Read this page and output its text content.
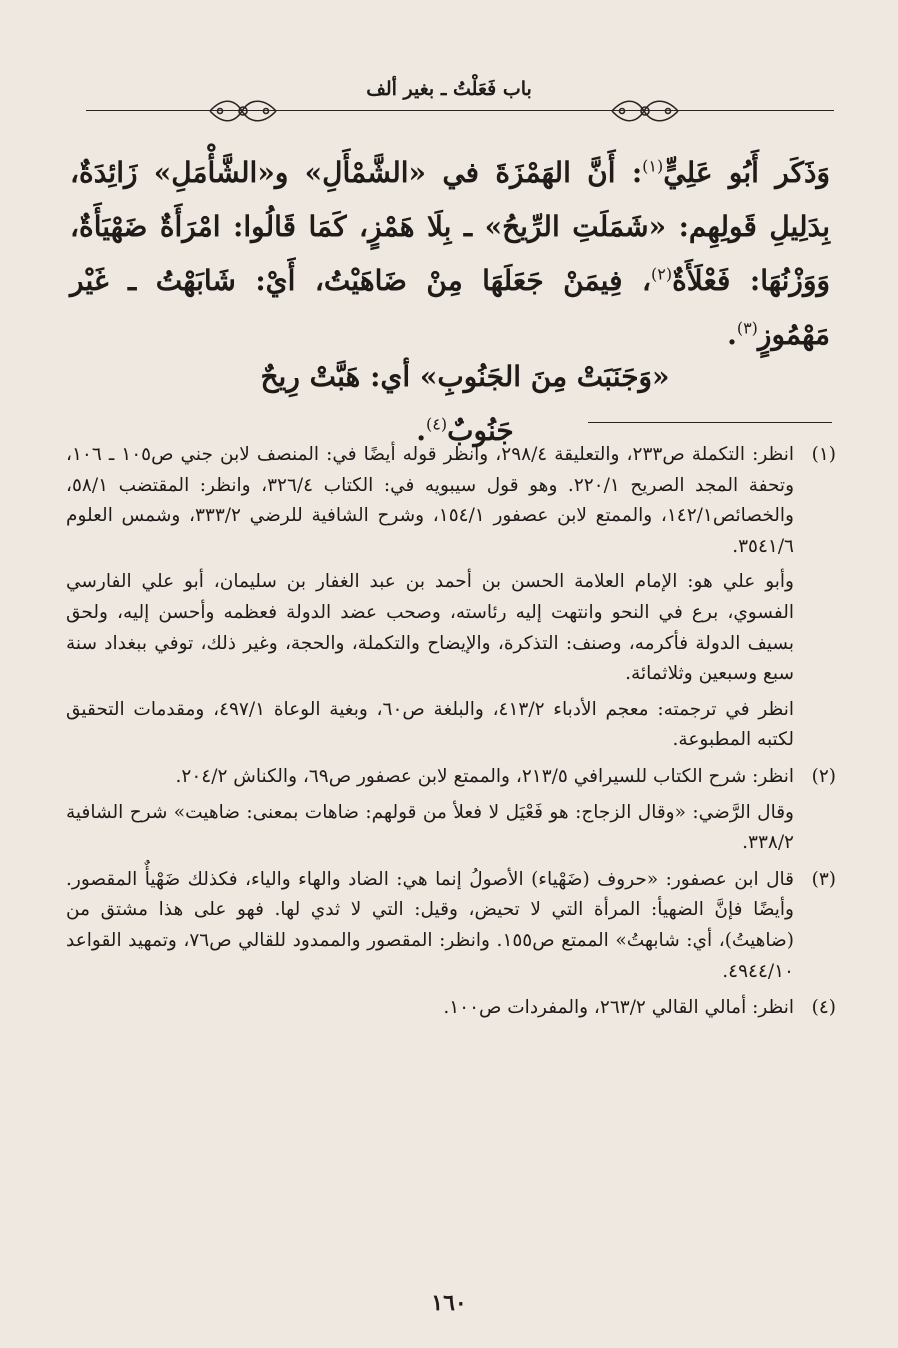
باب فَعَلْتُ ـ بغير ألف
وَذَكَر أَبُو عَلِيٍّ$^{(١)}$: أَنَّ الهَمْزَةَ في «الشَّمْأَلِ» و«الشَّأْمَلِ» زَائِدَةٌ، بِدَلِيلِ قَولِهِم: «شَمَلَتِ الرِّيحُ» ـ بِلَا هَمْزٍ، كَمَا قَالُوا: امْرَأَةٌ ضَهْيَأَةٌ، وَوَزْنُهَا: فَعْلَأَةٌ$^{(٢)}$، فِيمَنْ جَعَلَهَا مِنْ ضَاهَيْتُ، أَيْ: شَابَهْتُ ـ غَيْر مَهْمُوزٍ$^{(٣)}$.
«وَجَنَبَتْ مِنَ الجَنُوبِ» أي: هَبَّتْ رِيحٌ جَنُوبٌ$^{(٤)}$.
(١)

انظر: التكملة ص٢٣٣، والتعليقة ٢٩٨/٤، وانظر قوله أيضًا في: المنصف لابن جني ص١٠٥ ـ ١٠٦، وتحفة المجد الصريح ٢٢٠/١. وهو قول سيبويه في: الكتاب ٣٢٦/٤، وانظر: المقتضب ٥٨/١، والخصائص١٤٢/١، والممتع لابن عصفور ١٥٤/١، وشرح الشافية للرضي ٣٣٣/٢، وشمس العلوم ٣٥٤١/٦.

وأبو علي هو: الإمام العلامة الحسن بن أحمد بن عبد الغفار بن سليمان، أبو علي الفارسي الفسوي، برع في النحو وانتهت إليه رئاسته، وصحب عضد الدولة فعظمه وأحسن إليه، ولحق بسيف الدولة فأكرمه، وصنف: التذكرة، والإيضاح والتكملة، والحجة، وغير ذلك، توفي ببغداد سنة سبع وسبعين وثلاثمائة.

انظر في ترجمته: معجم الأدباء ٤١٣/٢، والبلغة ص٦٠، وبغية الوعاة ٤٩٧/١، ومقدمات التحقيق لكتبه المطبوعة.

(٢)

انظر: شرح الكتاب للسيرافي ٢١٣/٥، والممتع لابن عصفور ص٦٩، والكناش ٢٠٤/٢.

وقال الرَّضي: «وقال الزجاج: هو فَعْيَل لا فعلأ من قولهم: ضاهات بمعنى: ضاهيت» شرح الشافية ٣٣٨/٢.

(٣)

قال ابن عصفور: «حروف (ضَهْياء) الأصولُ إنما هي: الضاد والهاء والياء، فكذلك ضَهْيأٌ المقصور. وأيضًا فإنَّ الضهيأ: المرأة التي لا تحيض، وقيل: التي لا ثدي لها. فهو على هذا مشتق من (ضاهيتُ)، أي: شابهتُ» الممتع ص١٥٥. وانظر: المقصور والممدود للقالي ص٧٦، وتمهيد القواعد ٤٩٤٤/١٠.

(٤)

انظر: أمالي القالي ٢٦٣/٢، والمفردات ص١٠٠.

١٦٠
